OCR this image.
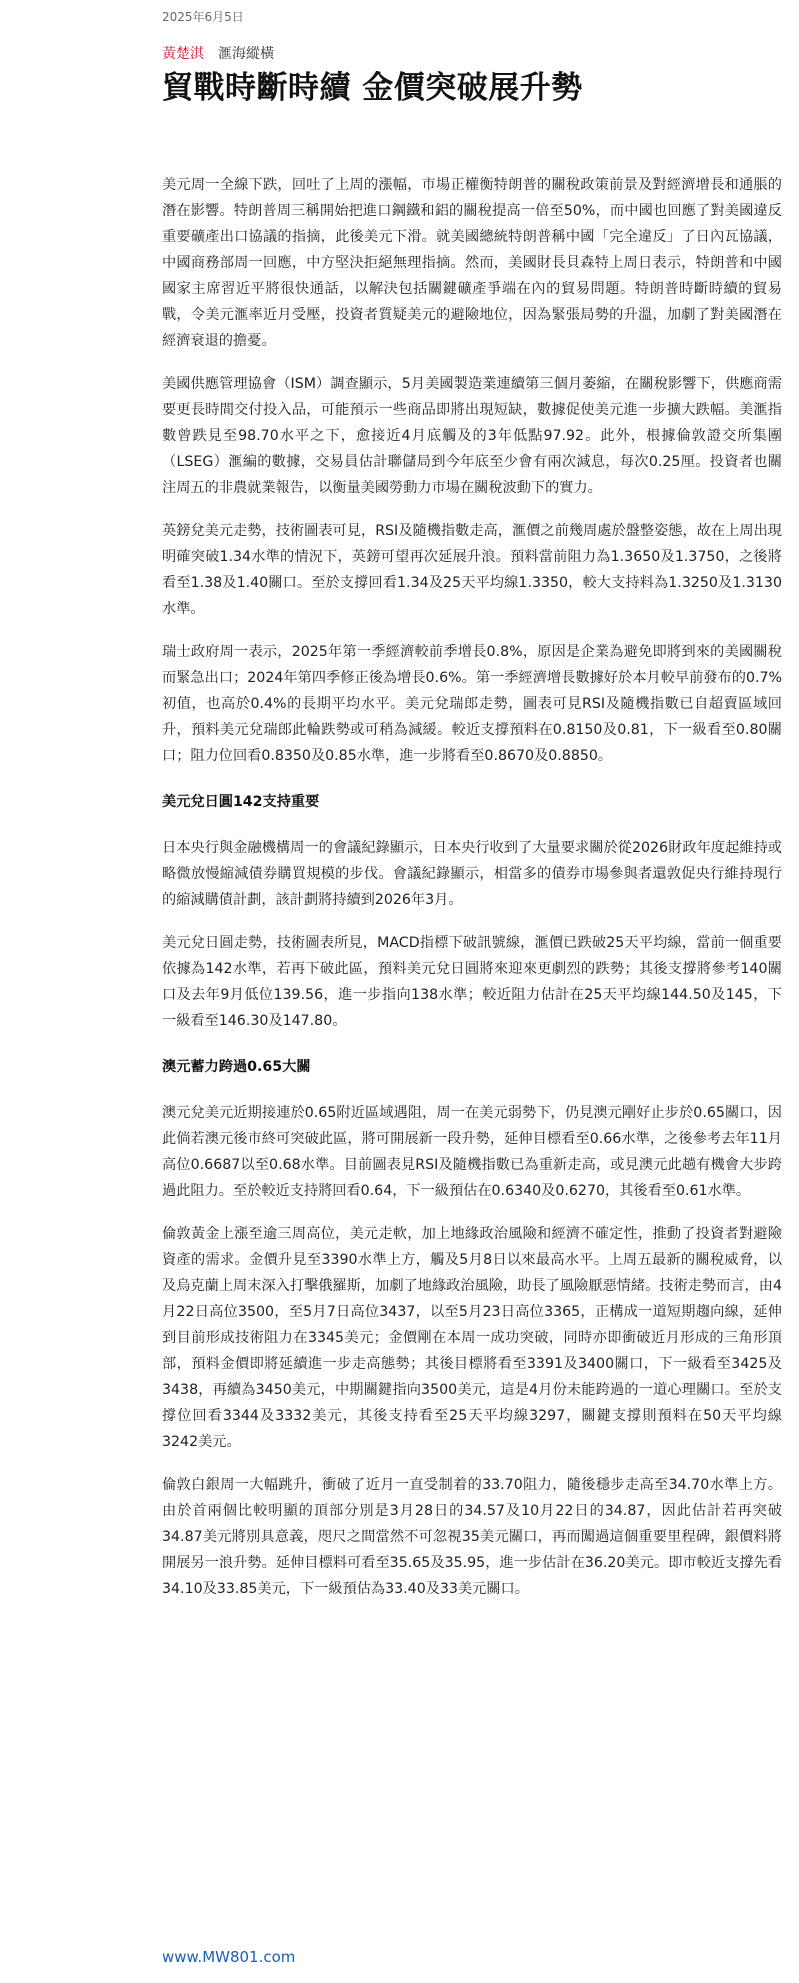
2025年6月5日
黃楚淇 滙海縱橫
貿戰時斷時續 金價突破展升勢

美元周一全線下跌，回吐了上周的漲幅，市場正權衡特朗普的關稅政策前景及對經濟增長和通脹的潛在影響。特朗普周三稱開始把進口鋼鐵和鋁的關稅提高一倍至50%，而中國也回應了對美國違反重要礦產出口協議的指摘，此後美元下滑。就美國總統特朗普稱中國「完全違反」了日內瓦協議，中國商務部周一回應，中方堅決拒絕無理指摘。然而，美國財長貝森特上周日表示，特朗普和中國國家主席習近平將很快通話，以解決包括關鍵礦產爭端在內的貿易問題。特朗普時斷時續的貿易戰，令美元滙率近月受壓，投資者質疑美元的避險地位，因為緊張局勢的升溫，加劇了對美國潛在經濟衰退的擔憂。

美國供應管理協會（ISM）調查顯示，5月美國製造業連續第三個月萎縮，在關稅影響下，供應商需要更長時間交付投入品，可能預示一些商品即將出現短缺，數據促使美元進一步擴大跌幅。美滙指數曾跌見至98.70水平之下，愈接近4月底觸及的3年低點97.92。此外，根據倫敦證交所集團（LSEG）滙編的數據，交易員估計聯儲局到今年底至少會有兩次減息，每次0.25厘。投資者也關注周五的非農就業報告，以衡量美國勞動力市場在關稅波動下的實力。

英鎊兌美元走勢，技術圖表可見，RSI及隨機指數走高，滙價之前幾周處於盤整姿態，故在上周出現明確突破1.34水準的情況下，英鎊可望再次延展升浪。預料當前阻力為1.3650及1.3750，之後將看至1.38及1.40關口。至於支撐回看1.34及25天平均線1.3350，較大支持料為1.3250及1.3130水準。

瑞士政府周一表示，2025年第一季經濟較前季增長0.8%，原因是企業為避免即將到來的美國關稅而緊急出口；2024年第四季修正後為增長0.6%。第一季經濟增長數據好於本月較早前發布的0.7%初值，也高於0.4%的長期平均水平。美元兌瑞郎走勢，圖表可見RSI及隨機指數已自超賣區域回升，預料美元兌瑞郎此輪跌勢或可稍為減緩。較近支撐預料在0.8150及0.81，下一級看至0.80關口；阻力位回看0.8350及0.85水準，進一步將看至0.8670及0.8850。

美元兌日圓142支持重要

日本央行與金融機構周一的會議紀錄顯示，日本央行收到了大量要求關於從2026財政年度起維持或略微放慢縮減債券購買規模的步伐。會議紀錄顯示，相當多的債券市場參與者還敦促央行維持現行的縮減購債計劃，該計劃將持續到2026年3月。

美元兌日圓走勢，技術圖表所見，MACD指標下破訊號線，滙價已跌破25天平均線，當前一個重要依據為142水準，若再下破此區，預料美元兌日圓將來迎來更劇烈的跌勢；其後支撐將參考140關口及去年9月低位139.56，進一步指向138水準；較近阻力估計在25天平均線144.50及145，下一級看至146.30及147.80。

澳元蓄力跨過0.65大關

澳元兌美元近期接連於0.65附近區域遇阻，周一在美元弱勢下，仍見澳元剛好止步於0.65關口，因此倘若澳元後市終可突破此區，將可開展新一段升勢，延伸目標看至0.66水準，之後參考去年11月高位0.6687以至0.68水準。目前圖表見RSI及隨機指數已為重新走高，或見澳元此趟有機會大步跨過此阻力。至於較近支持將回看0.64，下一級預估在0.6340及0.6270，其後看至0.61水準。

倫敦黃金上漲至逾三周高位，美元走軟，加上地緣政治風險和經濟不確定性，推動了投資者對避險資產的需求。金價升見至3390水準上方，觸及5月8日以來最高水平。上周五最新的關稅威脅，以及烏克蘭上周末深入打擊俄羅斯，加劇了地緣政治風險，助長了風險厭惡情緒。技術走勢而言，由4月22日高位3500，至5月7日高位3437，以至5月23日高位3365，正構成一道短期趨向線，延伸到目前形成技術阻力在3345美元；金價剛在本周一成功突破，同時亦即衝破近月形成的三角形頂部，預料金價即將延續進一步走高態勢；其後目標將看至3391及3400關口，下一級看至3425及3438，再續為3450美元，中期關鍵指向3500美元，這是4月份未能跨過的一道心理關口。至於支撐位回看3344及3332美元，其後支持看至25天平均線3297，關鍵支撐則預料在50天平均線3242美元。

倫敦白銀周一大幅跳升，衝破了近月一直受制着的33.70阻力，隨後穩步走高至34.70水準上方。由於首兩個比較明顯的頂部分別是3月28日的34.57及10月22日的34.87，因此估計若再突破34.87美元將別具意義，咫尺之間當然不可忽視35美元關口，再而闖過這個重要里程碑，銀價料將開展另一浪升勢。延伸目標料可看至35.65及35.95，進一步估計在36.20美元。即市較近支撐先看34.10及33.85美元，下一級預估為33.40及33美元關口。

www.MW801.com
